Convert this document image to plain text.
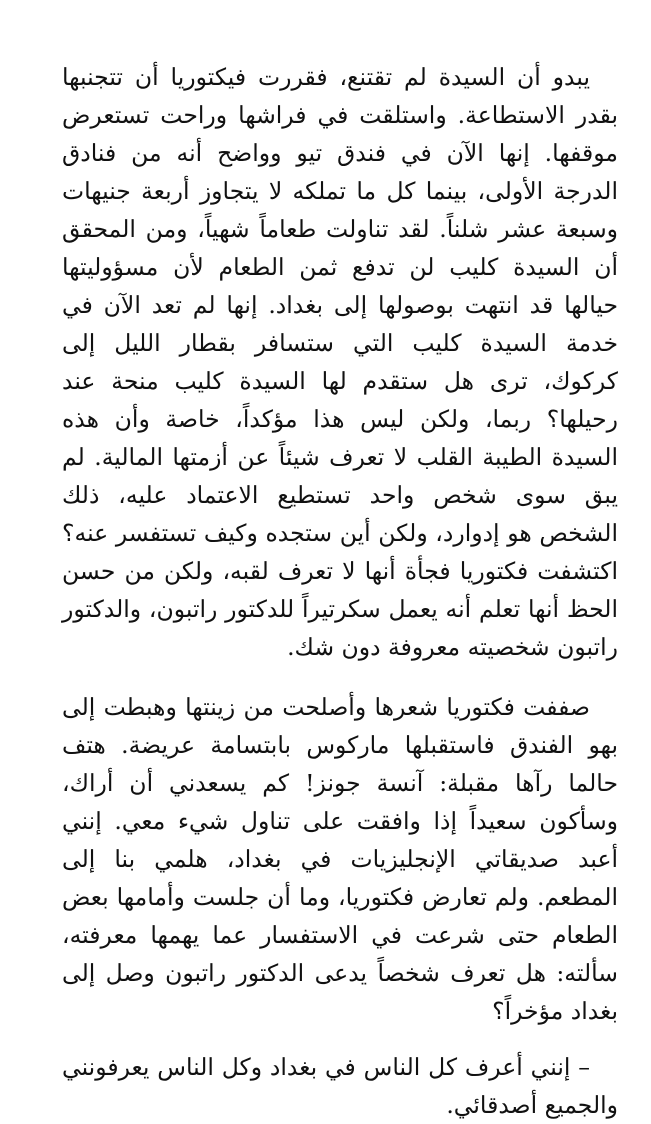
يبدو أن السيدة لم تقتنع، فقررت فيكتوريا أن تتجنبها بقدر الاستطاعة. واستلقت في فراشها وراحت تستعرض موقفها. إنها الآن في فندق تيو وواضح أنه من فنادق الدرجة الأولى، بينما كل ما تملكه لا يتجاوز أربعة جنيهات وسبعة عشر شلناً. لقد تناولت طعاماً شهياً، ومن المحقق أن السيدة كليب لن تدفع ثمن الطعام لأن مسؤوليتها حيالها قد انتهت بوصولها إلى بغداد. إنها لم تعد الآن في خدمة السيدة كليب التي ستسافر بقطار الليل إلى كركوك، ترى هل ستقدم لها السيدة كليب منحة عند رحيلها؟ ربما، ولكن ليس هذا مؤكداً، خاصة وأن هذه السيدة الطيبة القلب لا تعرف شيئاً عن أزمتها المالية. لم يبق سوى شخص واحد تستطيع الاعتماد عليه، ذلك الشخص هو إدوارد، ولكن أين ستجده وكيف تستفسر عنه؟ اكتشفت فكتوريا فجأة أنها لا تعرف لقبه، ولكن من حسن الحظ أنها تعلم أنه يعمل سكرتيراً للدكتور راتبون، والدكتور راتبون شخصيته معروفة دون شك.

صففت فكتوريا شعرها وأصلحت من زينتها وهبطت إلى بهو الفندق فاستقبلها ماركوس بابتسامة عريضة. هتف حالما رآها مقبلة: آنسة جونز! كم يسعدني أن أراك، وسأكون سعيداً إذا وافقت على تناول شيء معي. إنني أعبد صديقاتي الإنجليزيات في بغداد، هلمي بنا إلى المطعم. ولم تعارض فكتوريا، وما أن جلست وأمامها بعض الطعام حتى شرعت في الاستفسار عما يهمها معرفته، سألته: هل تعرف شخصاً يدعى الدكتور راتبون وصل إلى بغداد مؤخراً؟

– إنني أعرف كل الناس في بغداد وكل الناس يعرفونني والجميع أصدقائي.
